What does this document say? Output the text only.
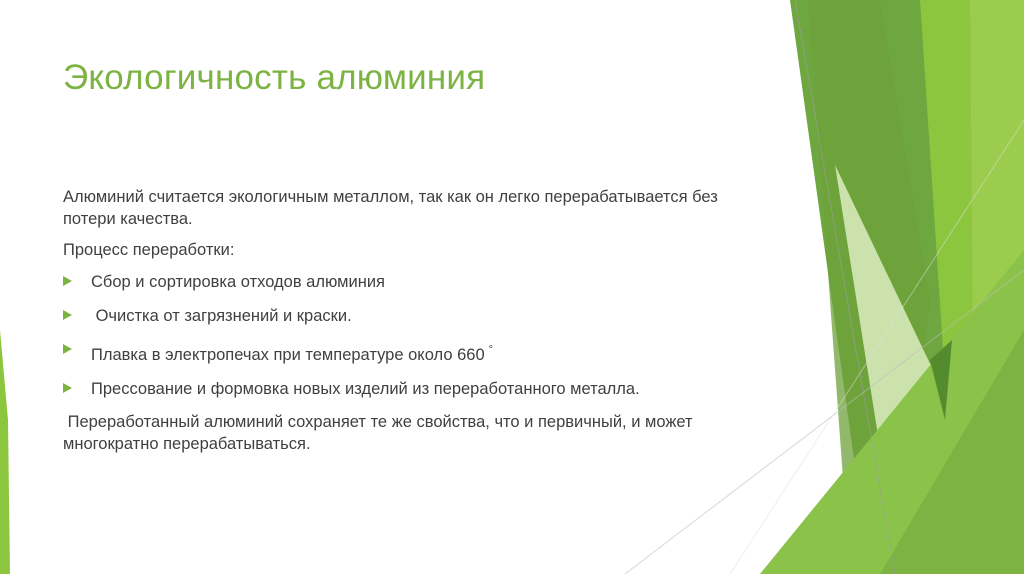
Экологичность алюминия

Алюминий считается экологичным металлом, так как он легко перерабатывается без потери качества.

Процесс переработки:

Сбор и сортировка отходов алюминия
Очистка от загрязнений и краски.
Плавка в электропечах при температуре около 660 °
Прессование и формовка новых изделий из переработанного металла.

Переработанный алюминий сохраняет те же свойства, что и первичный, и может многократно перерабатываться.
